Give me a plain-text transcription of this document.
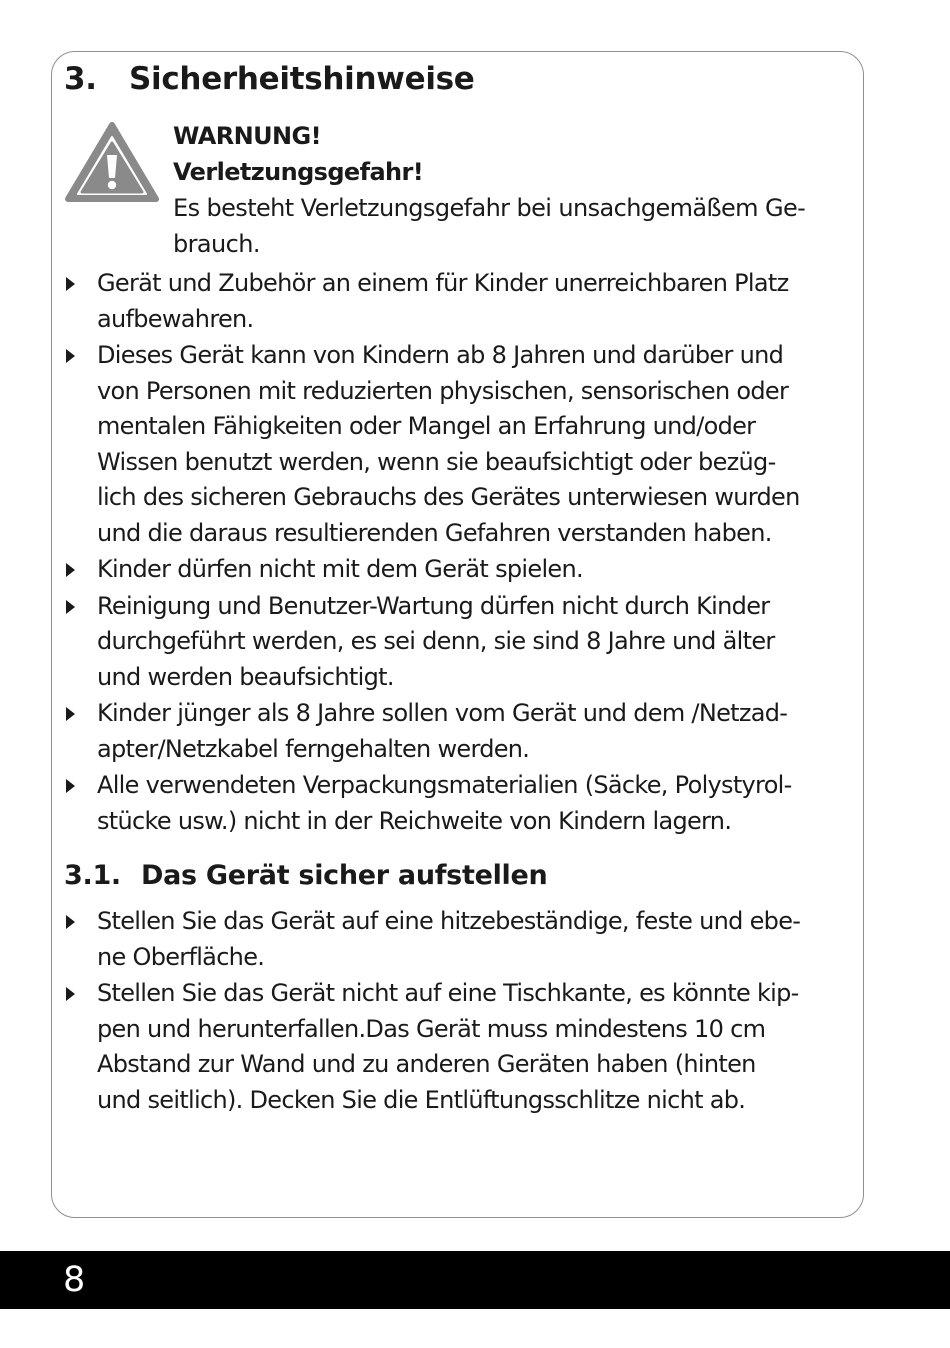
3. Sicherheitshinweise
WARNUNG!
Verletzungsgefahr!
Es besteht Verletzungsgefahr bei unsachgemäßem Ge-
brauch.
Gerät und Zubehör an einem für Kinder unerreichbaren Platz
aufbewahren.
Dieses Gerät kann von Kindern ab 8 Jahren und darüber und
von Personen mit reduzierten physischen, sensorischen oder
mentalen Fähigkeiten oder Mangel an Erfahrung und/oder
Wissen benutzt werden, wenn sie beaufsichtigt oder bezüg-
lich des sicheren Gebrauchs des Gerätes unterwiesen wurden
und die daraus resultierenden Gefahren verstanden haben.
Kinder dürfen nicht mit dem Gerät spielen.
Reinigung und Benutzer-Wartung dürfen nicht durch Kinder
durchgeführt werden, es sei denn, sie sind 8 Jahre und älter
und werden beaufsichtigt.
Kinder jünger als 8 Jahre sollen vom Gerät und dem /Netzad-
apter/Netzkabel ferngehalten werden.
Alle verwendeten Verpackungsmaterialien (Säcke, Polystyrol-
stücke usw.) nicht in der Reichweite von Kindern lagern.
3.1. Das Gerät sicher aufstellen
Stellen Sie das Gerät auf eine hitzebeständige, feste und ebe-
ne Oberfläche.
Stellen Sie das Gerät nicht auf eine Tischkante, es könnte kip-
pen und herunterfallen.Das Gerät muss mindestens 10 cm
Abstand zur Wand und zu anderen Geräten haben (hinten
und seitlich). Decken Sie die Entlüftungsschlitze nicht ab.
8
